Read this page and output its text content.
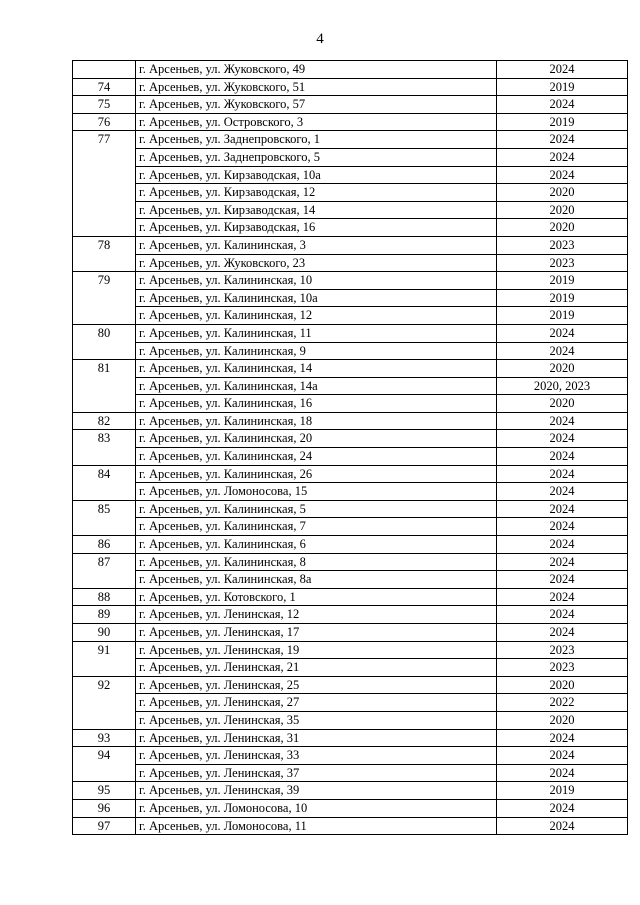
4
	г. Арсеньев, ул. Жуковского, 49	2024
74	г. Арсеньев, ул. Жуковского, 51	2019
75	г. Арсеньев, ул. Жуковского, 57	2024
76	г. Арсеньев, ул. Островского, 3	2019
77	г. Арсеньев, ул. Заднепровского, 1	2024
	г. Арсеньев, ул. Заднепровского, 5	2024
	г. Арсеньев, ул. Кирзаводская, 10а	2024
	г. Арсеньев, ул. Кирзаводская, 12	2020
	г. Арсеньев, ул. Кирзаводская, 14	2020
	г. Арсеньев, ул. Кирзаводская, 16	2020
78	г. Арсеньев, ул. Калининская, 3	2023
	г. Арсеньев, ул. Жуковского, 23	2023
79	г. Арсеньев, ул. Калининская, 10	2019
	г. Арсеньев, ул. Калининская, 10а	2019
	г. Арсеньев, ул. Калининская, 12	2019
80	г. Арсеньев, ул. Калининская, 11	2024
	г. Арсеньев, ул. Калининская, 9	2024
81	г. Арсеньев, ул. Калининская, 14	2020
	г. Арсеньев, ул. Калининская, 14а	2020, 2023
	г. Арсеньев, ул. Калининская, 16	2020
82	г. Арсеньев, ул. Калининская, 18	2024
83	г. Арсеньев, ул. Калининская, 20	2024
	г. Арсеньев, ул. Калининская, 24	2024
84	г. Арсеньев, ул. Калининская, 26	2024
	г. Арсеньев, ул. Ломоносова, 15	2024
85	г. Арсеньев, ул. Калининская, 5	2024
	г. Арсеньев, ул. Калининская, 7	2024
86	г. Арсеньев, ул. Калининская, 6	2024
87	г. Арсеньев, ул. Калининская, 8	2024
	г. Арсеньев, ул. Калининская, 8а	2024
88	г. Арсеньев, ул. Котовского, 1	2024
89	г. Арсеньев, ул. Ленинская, 12	2024
90	г. Арсеньев, ул. Ленинская, 17	2024
91	г. Арсеньев, ул. Ленинская, 19	2023
	г. Арсеньев, ул. Ленинская, 21	2023
92	г. Арсеньев, ул. Ленинская, 25	2020
	г. Арсеньев, ул. Ленинская, 27	2022
	г. Арсеньев, ул. Ленинская, 35	2020
93	г. Арсеньев, ул. Ленинская, 31	2024
94	г. Арсеньев, ул. Ленинская, 33	2024
	г. Арсеньев, ул. Ленинская, 37	2024
95	г. Арсеньев, ул. Ленинская, 39	2019
96	г. Арсеньев, ул. Ломоносова, 10	2024
97	г. Арсеньев, ул. Ломоносова, 11	2024
